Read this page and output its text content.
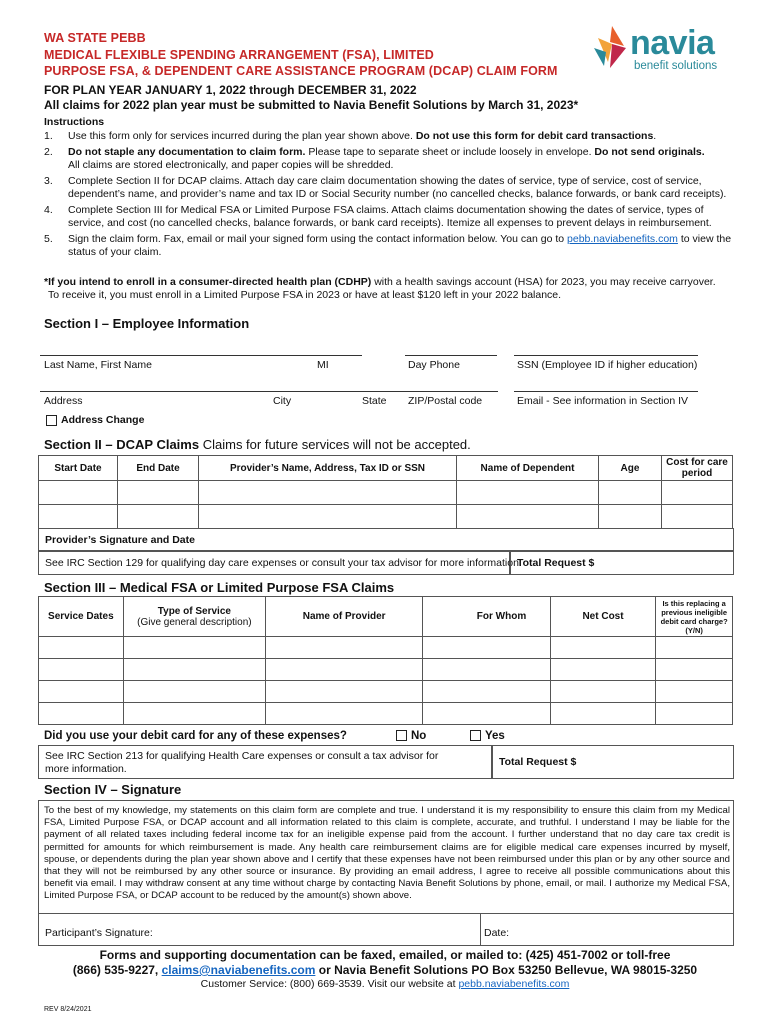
WA STATE PEBB
MEDICAL FLEXIBLE SPENDING ARRANGEMENT (FSA), LIMITED
PURPOSE FSA, & DEPENDENT CARE ASSISTANCE PROGRAM (DCAP) CLAIM FORM
navia
benefit solutions
FOR PLAN YEAR JANUARY 1, 2022 through DECEMBER 31, 2022
All claims for 2022 plan year must be submitted to Navia Benefit Solutions by March 31, 2023*
Instructions
1. Use this form only for services incurred during the plan year shown above. Do not use this form for debit card transactions.
2. Do not staple any documentation to claim form. Please tape to separate sheet or include loosely in envelope. Do not send originals.
All claims are stored electronically, and paper copies will be shredded.
3. Complete Section II for DCAP claims. Attach day care claim documentation showing the dates of service, type of service, cost of service, dependent’s name, and provider’s name and tax ID or Social Security number (no cancelled checks, balance forwards, or bank card receipts).
4. Complete Section III for Medical FSA or Limited Purpose FSA claims. Attach claims documentation showing the dates of service, types of service, and cost (no cancelled checks, balance forwards, or bank card receipts). Itemize all expenses to prevent delays in reimbursement.
5. Sign the claim form. Fax, email or mail your signed form using the contact information below. You can go to pebb.naviabenefits.com to view the status of your claim.
*If you intend to enroll in a consumer-directed health plan (CDHP) with a health savings account (HSA) for 2023, you may receive carryover.
To receive it, you must enroll in a Limited Purpose FSA in 2023 or have at least $120 left in your 2022 balance.
Section I – Employee Information
Last Name, First Name	MI	Day Phone	SSN (Employee ID if higher education)
Address	City	State ZIP/Postal code	Email - See information in Section IV
Address Change
Section II – DCAP Claims Claims for future services will not be accepted.
Start Date	End Date	Provider’s Name, Address, Tax ID or SSN	Name of Dependent	Age	Cost for care period

Provider’s Signature and Date
See IRC Section 129 for qualifying day care expenses or consult your tax advisor for more information.
Total Request $
Section III – Medical FSA or Limited Purpose FSA Claims
Service Dates	Type of Service
(Give general description)	Name of Provider	For Whom	Net Cost	Is this replacing a previous ineligible debit card charge? (Y/N)

Did you use your debit card for any of these expenses?	No	Yes
See IRC Section 213 for qualifying Health Care expenses or consult a tax advisor for more information.
Total Request $
Section IV – Signature
To the best of my knowledge, my statements on this claim form are complete and true. I understand it is my responsibility to ensure this claim from my Medical FSA, Limited Purpose FSA, or DCAP account and all information related to this claim is complete, accurate, and truthful. I understand I may be liable for the payment of all related taxes including federal income tax for an ineligible expense paid from the account. I further understand that no day care tax credit is permitted for amounts for which reimbursement is made. Any health care reimbursement claims are for eligible medical care expenses incurred by myself, spouse, or dependents during the plan year shown above and I certify that these expenses have not been reimbursed under this plan or by any other source and that they will not be reimbursed by any other source or insurance. By providing an email address, I agree to receive all possible communications about this benefit via email. I may withdraw consent at any time without charge by contacting Navia Benefit Solutions by phone, email, or mail. I authorize my Medical FSA, Limited Purpose FSA, or DCAP account to be reduced by the amount(s) shown above.
Participant’s Signature:	Date:
Forms and supporting documentation can be faxed, emailed, or mailed to: (425) 451-7002 or toll-free
(866) 535-9227, claims@naviabenefits.com or Navia Benefit Solutions PO Box 53250 Bellevue, WA 98015-3250
Customer Service: (800) 669-3539. Visit our website at pebb.naviabenefits.com
REV 8/24/2021
